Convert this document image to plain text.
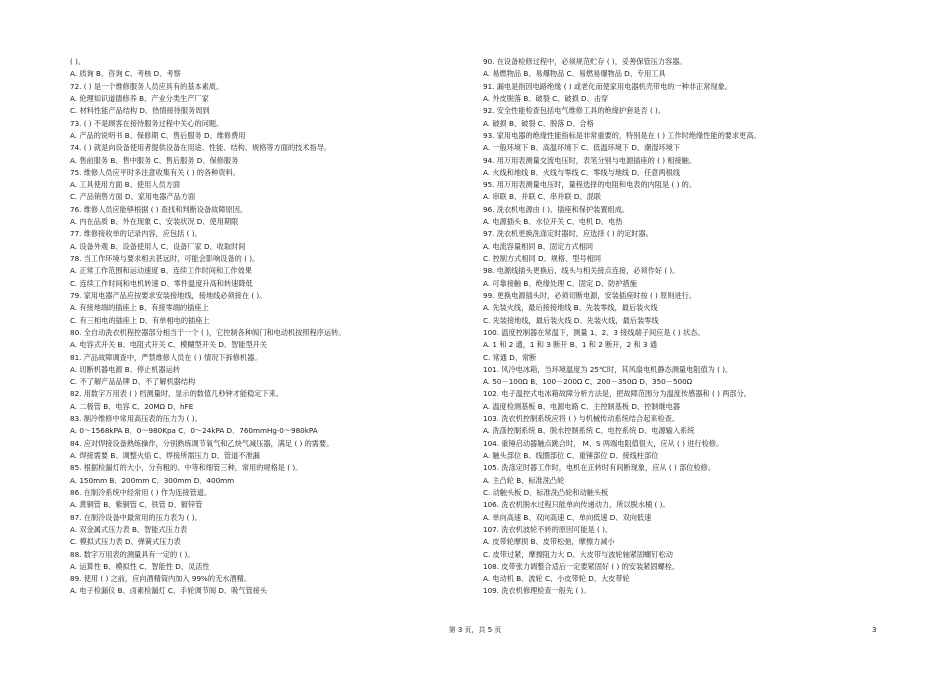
( )。
A. 质询 B、咨询 C、考核 D、考察
72. ( ) 是一个维修服务人员应具有的基本素质。
A. 伦理知识道德修养 B、产业分类生产厂家
C. 材料性能产品结构 D、热情接待服务周到
73. ( ) 不是顾客在接待服务过程中关心的问题。
A. 产品的说明书 B、保修期 C、售后服务 D、维修费用
74. ( ) 就是向设备使用者提供设备在用途、性能、结构、规格等方面的技术指导。
A. 售前服务 B、售中服务 C、售后服务 D、保修服务
75. 维修人员应平时多注意收集有关 ( ) 的各种资料。
A. 工具使用方面 B、使用人员方面
C. 产品销售方面 D、家用电器产品方面
76. 维修人员应能够根据 ( ) 查找和判断设备故障原因。
A. 内在品质 B、外在现象 C、安装状况 D、使用期限
77. 维修接收单的记录内容，应包括 ( )。
A. 设备外观 B、设备使用人 C、设备厂家 D、收取时间
78. 当工作环境与要求相去甚远时，可能会影响设备的 ( )。
A. 正常工作范围和运动速度 B、连续工作时间和工作效果
C. 连续工作时间和电机转速 D、零件温度升高和转速降低
79. 家用电器产品应按要求安装接地线，接地线必须接在 ( )。
A. 有接地端的插座上 B、有接零端的插座上
C. 有三相电的插座上 D、有单相电的插座上
80. 全自动洗衣机程控器部分相当于一个 ( )，它控制各种阀门和电动机按照程序运转。
A. 电容式开关 B、电阻式开关 C、模糊型开关 D、智能型开关
81. 产品故障调查中，严禁维修人员在 ( ) 情况下拆修机器。
A. 切断机器电源 B、停止机器运转
C. 不了解产品品牌 D、不了解机器结构
82. 用数字万用表 ( ) 档测量时，显示的数值几秒钟才能稳定下来。
A. 二极管 B、电容 C、20MΩ D、hFE
83. 制冷维修中常用高压表的压力为 ( )。
A. 0～1568kPA B．0～980Kpa C．0～24kPA D．760mmHg·0～980kPA
84. 应对焊接设备熟练操作，分别熟练调节氧气和乙炔气减压器，满足 ( ) 的需要。
A. 焊接需要 B、调整火焰 C、焊接所需压力 D、管道不泄漏
85. 根据检漏灯的大小，分有粗的、中等和细管三种，常用的规格是 ( )。
A. 150mm B．200mm C．300mm D．400mm
86. 在制冷系统中经常用 ( ) 作为连接管道。
A. 黄铜管 B、紫铜管 C、铁管 D、镀锌管
87. 在制冷设备中最常用的压力表为 ( )。
A. 双金属式压力表 B、智能式压力表
C. 模拟式压力表 D、弹簧式压力表
88. 数字万用表的测量具有一定的 ( )。
A. 运算性 B、模拟性 C、智能性 D、灵活性
89. 使用 ( ) 之前，应向酒精筒内加入 99%的无水酒精。
A. 电子检漏仪 B、卤素检漏灯 C、手轮调节阀 D、吸气管接头
90. 在设备检修过程中，必须规范贮存 ( )，妥善保管压力容器。
A. 易燃物品 B、易爆物品 C、易燃易爆物品 D、专用工具
91. 漏电是指因电路绝缘 ( ) 或老化而使家用电器机壳带电的一种非正常现象。
A. 外皮脱落 B、破裂 C、破损 D、击穿
92. 安全性能检查包括电气维修工具的绝缘护套是否 ( )。
A. 破损 B、破裂 C、脱落 D、合格
93. 家用电器的绝缘性能指标是非常重要的，特别是在 ( ) 工作时绝缘性能的要求更高。
A. 一般环境下 B、高温环境下 C、低温环境下 D、潮湿环境下
94. 用万用表测量交流电压时，表笔分别与电源插座的 ( ) 相接触。
A. 火线和地线 B、火线与零线 C、零线与地线 D、任意两根线
95. 用万用表测量电压时，量程选择的电阻和电表的内阻是 ( ) 的。
A. 串联 B、并联 C、串并联 D、混联
96. 洗衣机电源由 ( )、插座和保护装置组成。
A. 电源插头 B、水位开关 C、电机 D、电热
97. 洗衣机更换洗涤定时器时，应选择 ( ) 的定时器。
A. 电流容量相同 B、固定方式相同
C. 控制方式相同 D、规格、型号相同
98. 电源线插头更换后，线头与相关接点连接，必须作好 ( )。
A. 可靠接触 B、绝缘处理 C、固定 D、防护措施
99. 更换电源插头时，必须切断电源，安装插座时按 ( ) 原则进行。
A. 先装火线，最后接接地线 B、先装零线，最后装火线
C. 先装接地线，最后装火线 D、先装火线，最后装零线
100. 温度控制器在常温下，测量 1、2、3 接线端子间应是 ( ) 状态。
A. 1 和 2 通，1 和 3 断开 B、1 和 2 断开，2 和 3 通
C. 常通 D、常断
101. 风冷电冰箱，当环境温度为 25℃时，其风扇电机静态测量电阻值为 ( )。
A. 50－100Ω B、100－200Ω C、200－350Ω D、350－500Ω
102. 电子温控式电冰箱故障分析方法是，把故障范围分为温度传感器和 ( ) 两部分。
A. 温度检测基板 B、电源电路 C、主控制基板 D、控制继电器
103. 洗衣机控制系统应将 ( ) 与机械传动系统结合起来检查。
A. 洗涤控制系统 B、脱水控制系统 C、电控系统 D、电源输入系统
104. 重锤启动器触点跳合时， M、S 两端电阻值很大，应从 ( ) 进行检修。
A. 触头部位 B、线圈部位 C、重锤部位 D、接线柱部位
105. 洗涤定时器工作时，电机在正转时有间断现象，应从 ( ) 部位检修。
A. 主凸轮 B、标准洗凸轮
C. 动触头板 D、标准洗凸轮和动触头板
106. 洗衣机脱水过程只能单向传递动力，所以脱水桶 ( )。
A. 单向高速 B、双向高速 C、单向低速 D、双向低速
107. 洗衣机波轮不转的原因可能是 ( )。
A. 皮带轮摩损 B、皮带松弛，摩擦力减小
C. 皮带过紧，摩擦阻力大 D、大皮带与波轮轴紧固螺钉松动
108. 皮带张力调整合适后一定要紧固好 ( ) 的安装紧固螺栓。
A. 电动机 B、波轮 C、小皮带轮 D、大皮带轮
109. 洗衣机修理检查一般先 ( )。
第 3 页，共 5 页	3
